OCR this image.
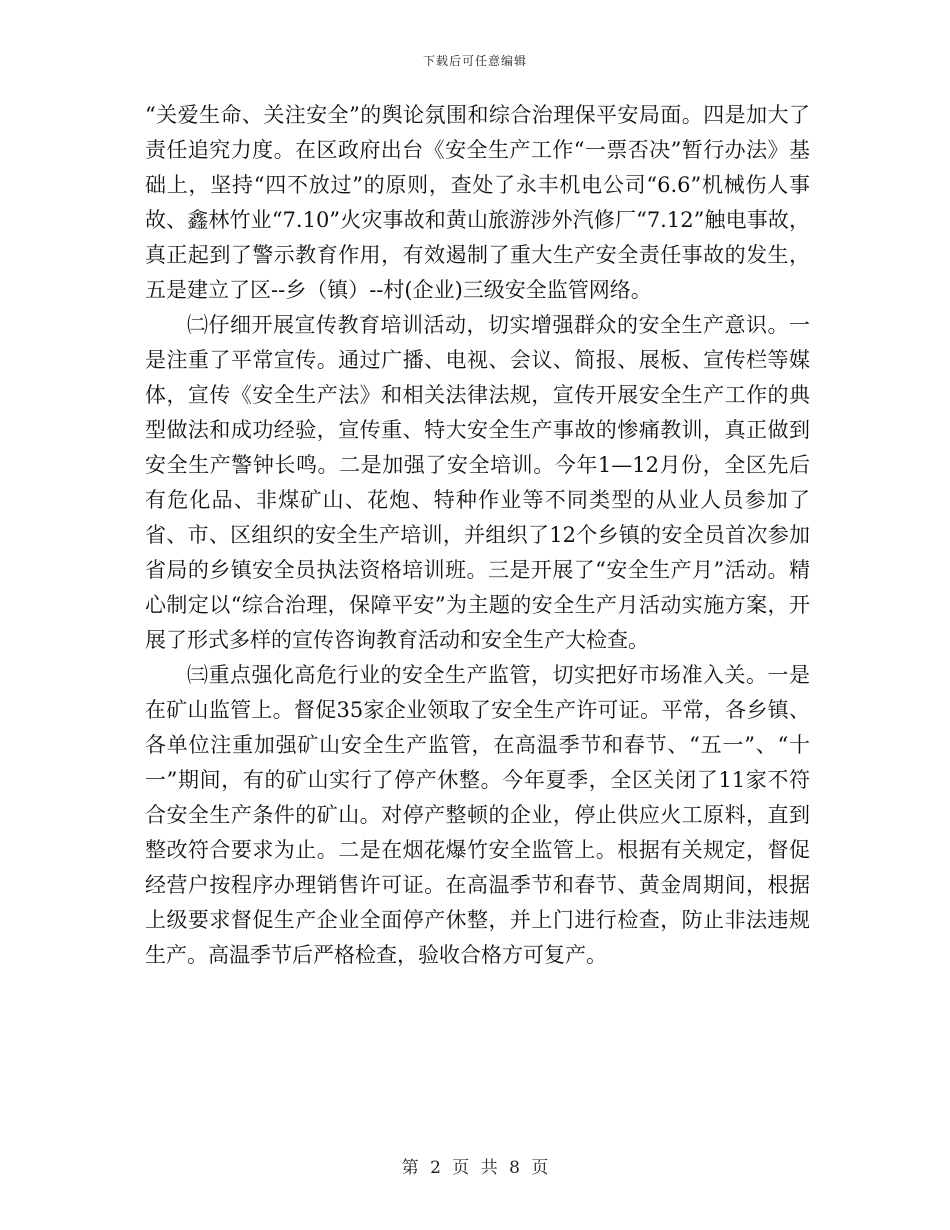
下载后可任意编辑

“关爱生命、关注安全”的舆论氛围和综合治理保平安局面。四是加大了责任追究力度。在区政府出台《安全生产工作“一票否决”暂行办法》基础上，坚持“四不放过”的原则，查处了永丰机电公司“6.6”机械伤人事故、鑫林竹业“7.10”火灾事故和黄山旅游涉外汽修厂“7.12”触电事故，真正起到了警示教育作用，有效遏制了重大生产安全责任事故的发生，五是建立了区--乡（镇）--村(企业)三级安全监管网络。

㈡仔细开展宣传教育培训活动，切实增强群众的安全生产意识。一是注重了平常宣传。通过广播、电视、会议、简报、展板、宣传栏等媒体，宣传《安全生产法》和相关法律法规，宣传开展安全生产工作的典型做法和成功经验，宣传重、特大安全生产事故的惨痛教训，真正做到安全生产警钟长鸣。二是加强了安全培训。今年1—12月份，全区先后有危化品、非煤矿山、花炮、特种作业等不同类型的从业人员参加了省、市、区组织的安全生产培训，并组织了12个乡镇的安全员首次参加省局的乡镇安全员执法资格培训班。三是开展了“安全生产月”活动。精心制定以“综合治理，保障平安”为主题的安全生产月活动实施方案，开展了形式多样的宣传咨询教育活动和安全生产大检查。

㈢重点强化高危行业的安全生产监管，切实把好市场准入关。一是在矿山监管上。督促35家企业领取了安全生产许可证。平常，各乡镇、各单位注重加强矿山安全生产监管，在高温季节和春节、“五一”、“十一”期间，有的矿山实行了停产休整。今年夏季，全区关闭了11家不符合安全生产条件的矿山。对停产整顿的企业，停止供应火工原料，直到整改符合要求为止。二是在烟花爆竹安全监管上。根据有关规定，督促经营户按程序办理销售许可证。在高温季节和春节、黄金周期间，根据上级要求督促生产企业全面停产休整，并上门进行检查，防止非法违规生产。高温季节后严格检查，验收合格方可复产。

第 2 页 共 8 页
